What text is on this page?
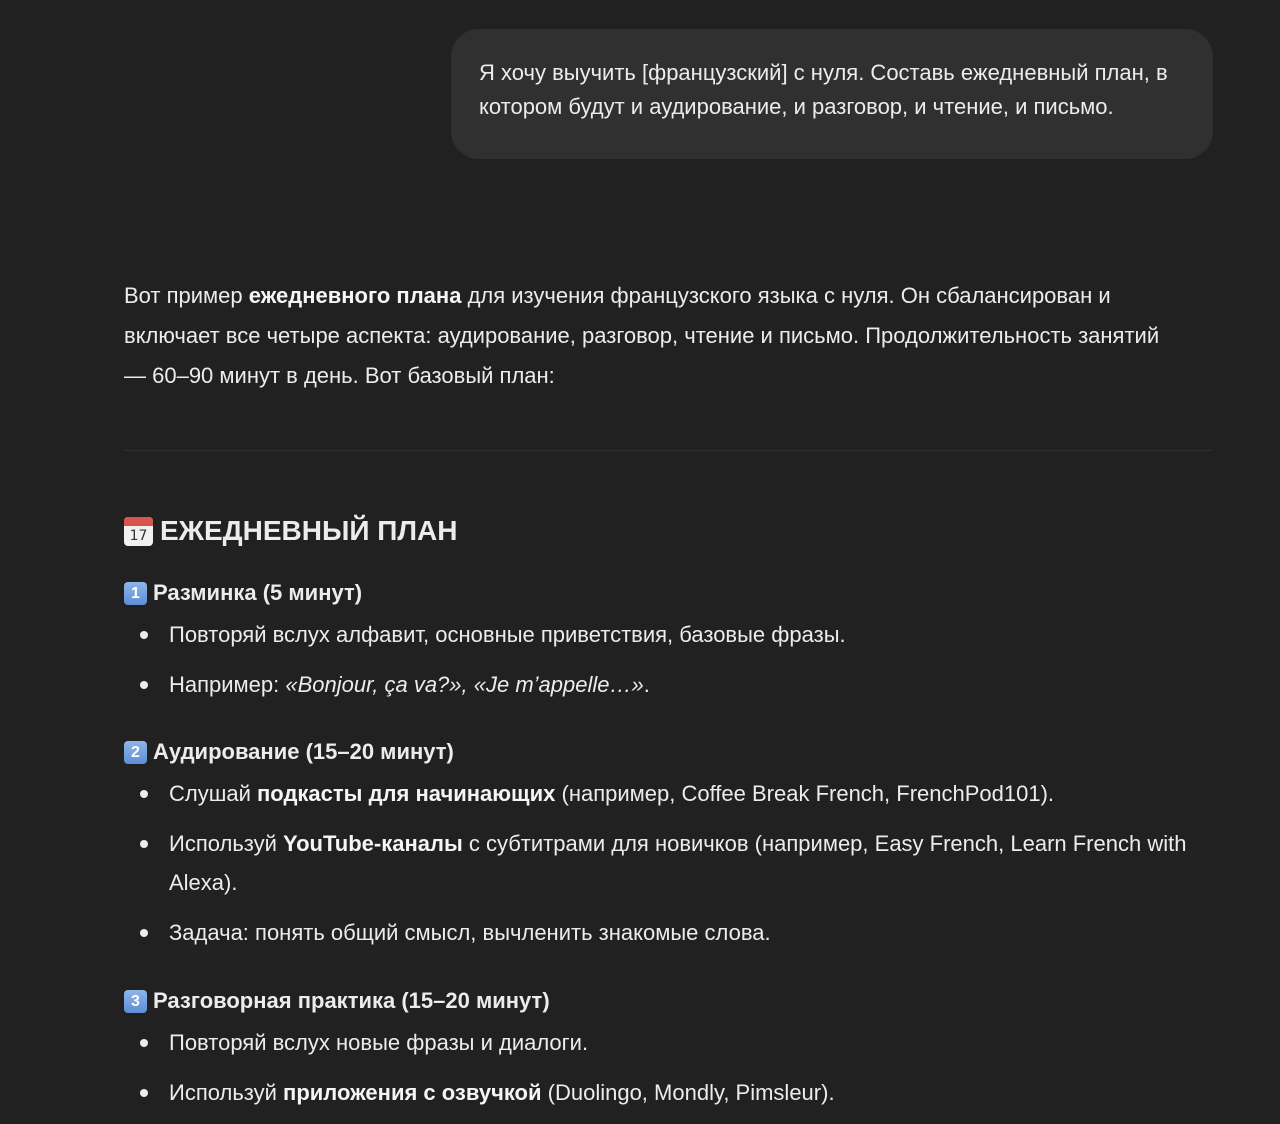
Я хочу выучить [французский] с нуля. Составь ежедневный план, в котором будут и аудирование, и разговор, и чтение, и письмо.

Вот пример ежедневного плана для изучения французского языка с нуля. Он сбалансирован и включает все четыре аспекта: аудирование, разговор, чтение и письмо. Продолжительность занятий — 60–90 минут в день. Вот базовый план:

17 ЕЖЕДНЕВНЫЙ ПЛАН
1 Разминка (5 минут)
Повторяй вслух алфавит, основные приветствия, базовые фразы.
Например: «Bonjour, ça va?», «Je m’appelle…».
2 Аудирование (15–20 минут)
Слушай подкасты для начинающих (например, Coffee Break French, FrenchPod101).
Используй YouTube-каналы с субтитрами для новичков (например, Easy French, Learn French with Alexa).
Задача: понять общий смысл, вычленить знакомые слова.
3 Разговорная практика (15–20 минут)
Повторяй вслух новые фразы и диалоги.
Используй приложения с озвучкой (Duolingo, Mondly, Pimsleur).
